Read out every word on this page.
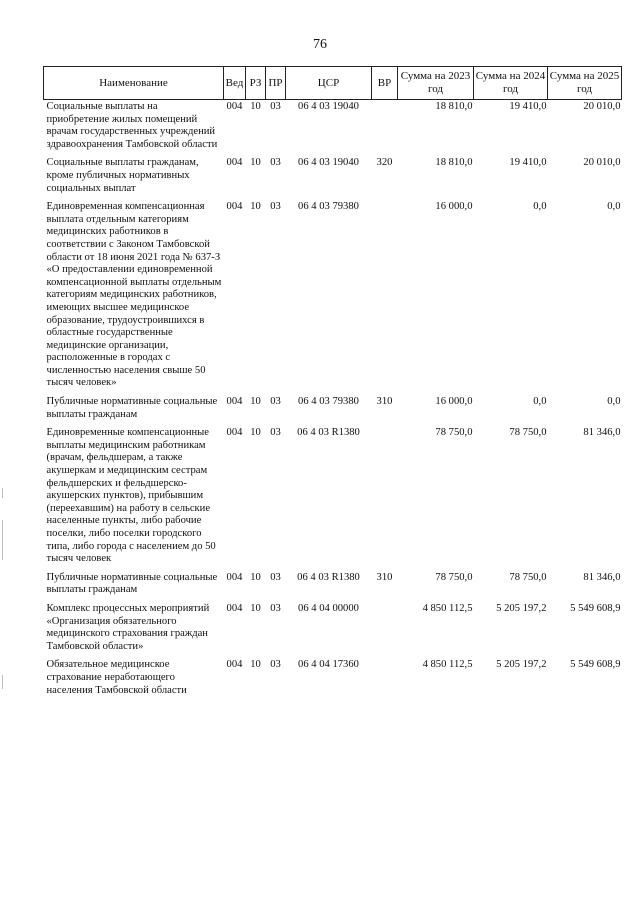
76
Наименование	Вед	РЗ	ПР	ЦСР	ВР	Сумма на 2023 год	Сумма на 2024 год	Сумма на 2025 год
Социальные выплаты на приобретение жилых помещений врачам государственных учреждений здравоохранения Тамбовской области	004	10	03	06 4 03 19040		18 810,0	19 410,0	20 010,0
Социальные выплаты гражданам, кроме публичных нормативных социальных выплат	004	10	03	06 4 03 19040	320	18 810,0	19 410,0	20 010,0
Единовременная компенсационная выплата отдельным категориям медицинских работников в соответствии с Законом Тамбовской области от 18 июня 2021 года № 637-З «О предоставлении единовременной компенсационной выплаты отдельным категориям медицинских работников, имеющих высшее медицинское образование, трудоустроившихся в областные государственные медицинские организации, расположенные в городах с численностью населения свыше 50 тысяч человек»	004	10	03	06 4 03 79380		16 000,0	0,0	0,0
Публичные нормативные социальные выплаты гражданам	004	10	03	06 4 03 79380	310	16 000,0	0,0	0,0
Единовременные компенсационные выплаты медицинским работникам (врачам, фельдшерам, а также акушеркам и медицинским сестрам фельдшерских и фельдшерско-акушерских пунктов), прибывшим (переехавшим) на работу в сельские населенные пункты, либо рабочие поселки, либо поселки городского типа, либо города с населением до 50 тысяч человек	004	10	03	06 4 03 R1380		78 750,0	78 750,0	81 346,0
Публичные нормативные социальные выплаты гражданам	004	10	03	06 4 03 R1380	310	78 750,0	78 750,0	81 346,0
Комплекс процессных мероприятий «Организация обязательного медицинского страхования граждан Тамбовской области»	004	10	03	06 4 04 00000		4 850 112,5	5 205 197,2	5 549 608,9
Обязательное медицинское страхование неработающего населения Тамбовской области	004	10	03	06 4 04 17360		4 850 112,5	5 205 197,2	5 549 608,9
